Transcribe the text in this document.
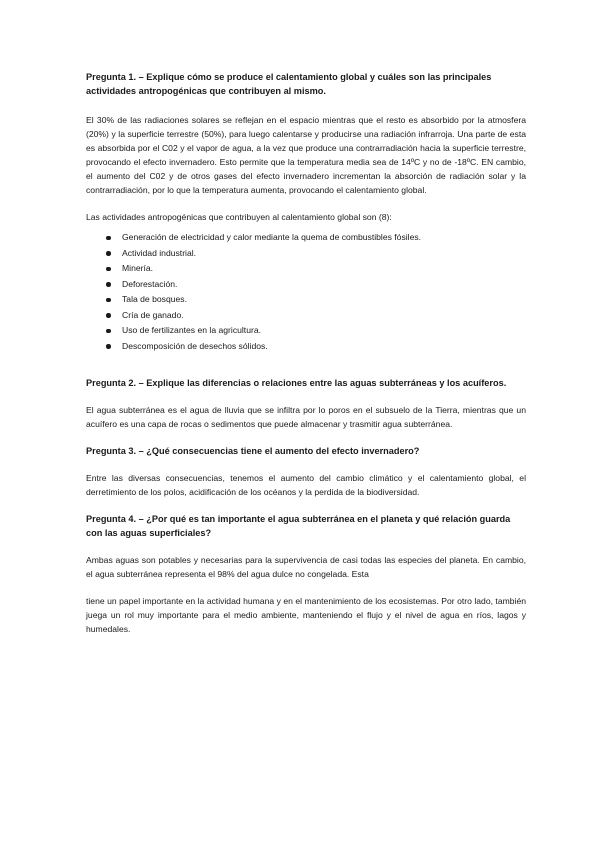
Pregunta 1. – Explique cómo se produce el calentamiento global y cuáles son las principales actividades antropogénicas que contribuyen al mismo.

El 30% de las radiaciones solares se reflejan en el espacio mientras que el resto es absorbido por la atmosfera (20%) y la superficie terrestre (50%), para luego calentarse y producirse una radiación infrarroja. Una parte de esta es absorbida por el C02 y el vapor de agua, a la vez que produce una contrarradiación hacia la superficie terrestre, provocando el efecto invernadero. Esto permite que la temperatura media sea de 14ºC y no de -18ºC. EN cambio, el aumento del C02 y de otros gases del efecto invernadero incrementan la absorción de radiación solar y la contrarradiación, por lo que la temperatura aumenta, provocando el calentamiento global.

Las actividades antropogénicas que contribuyen al calentamiento global son (8):

Generación de electricidad y calor mediante la quema de combustibles fósiles.
Actividad industrial.
Minería.
Deforestación.
Tala de bosques.
Cría de ganado.
Uso de fertilizantes en la agricultura.
Descomposición de desechos sólidos.

Pregunta 2. – Explique las diferencias o relaciones entre las aguas subterráneas y los acuíferos.

El agua subterránea es el agua de lluvia que se infiltra por lo poros en el subsuelo de la Tierra, mientras que un acuífero es una capa de rocas o sedimentos que puede almacenar y trasmitir agua subterránea.

Pregunta 3. – ¿Qué consecuencias tiene el aumento del efecto invernadero?

Entre las diversas consecuencias, tenemos el aumento del cambio climático y el calentamiento global, el derretimiento de los polos, acidificación de los océanos y la perdida de la biodiversidad.

Pregunta 4. – ¿Por qué es tan importante el agua subterránea en el planeta y qué relación guarda con las aguas superficiales?

Ambas aguas son potables y necesarias para la supervivencia de casi todas las especies del planeta. En cambio, el agua subterránea representa el 98% del agua dulce no congelada. Esta

tiene un papel importante en la actividad humana y en el mantenimiento de los ecosistemas. Por otro lado, también juega un rol muy importante para el medio ambiente, manteniendo el flujo y el nivel de agua en ríos, lagos y humedales.
